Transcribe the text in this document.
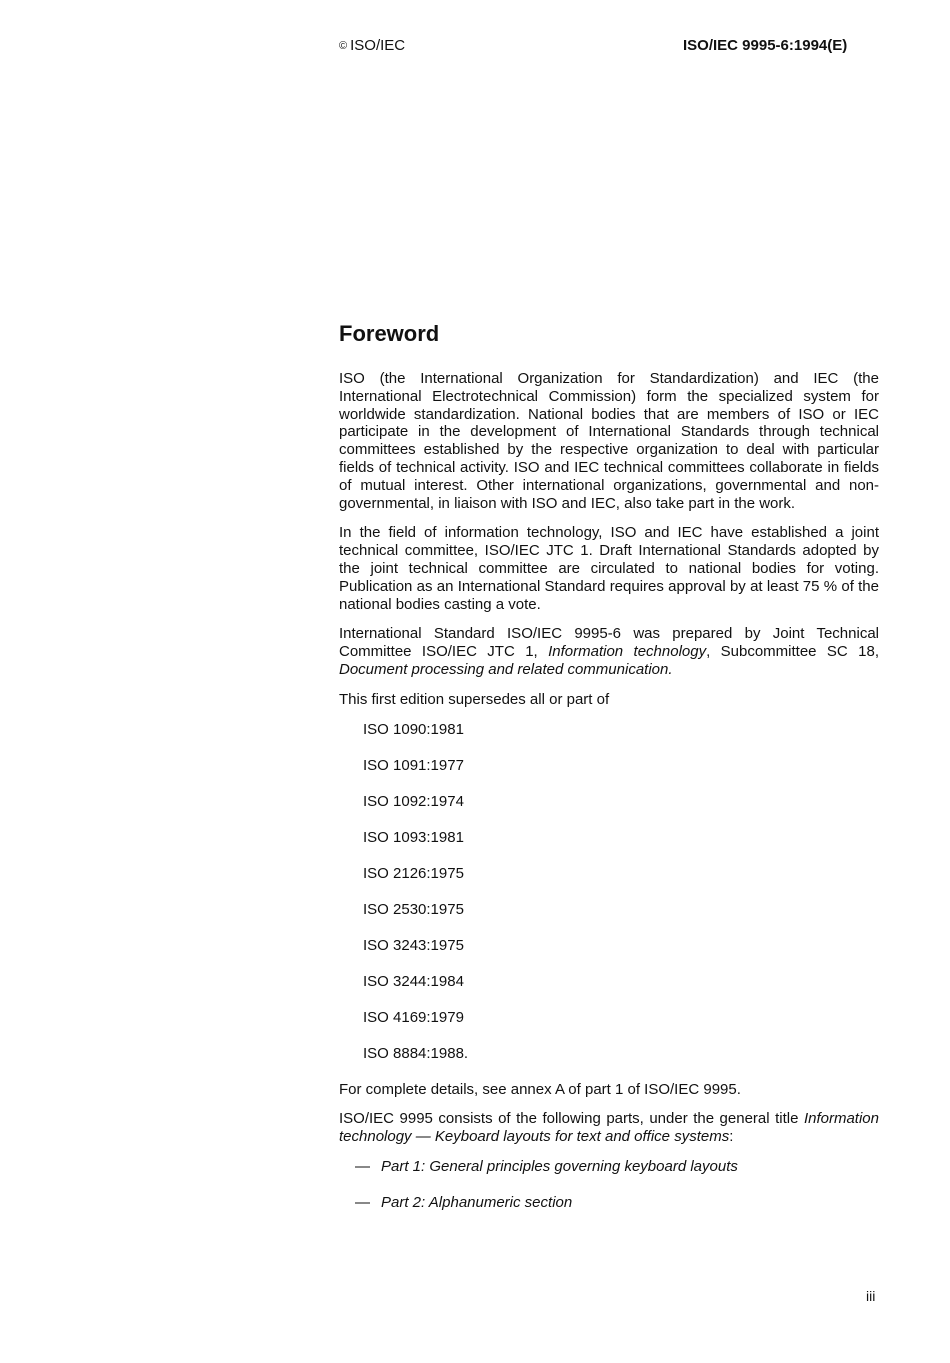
© ISO/IEC	ISO/IEC 9995-6:1994(E)
Foreword

ISO (the International Organization for Standardization) and IEC (the International Electrotechnical Commission) form the specialized system for worldwide standardization. National bodies that are members of ISO or IEC participate in the development of International Standards through technical committees established by the respective organization to deal with particular fields of technical activity. ISO and IEC technical committees collaborate in fields of mutual interest. Other international organizations, governmental and non-governmental, in liaison with ISO and IEC, also take part in the work.

In the field of information technology, ISO and IEC have established a joint technical committee, ISO/IEC JTC 1. Draft International Standards adopted by the joint technical committee are circulated to national bodies for voting. Publication as an International Standard requires approval by at least 75 % of the national bodies casting a vote.

International Standard ISO/IEC 9995-6 was prepared by Joint Technical Committee ISO/IEC JTC 1, Information technology, Subcommittee SC 18, Document processing and related communication.

This first edition supersedes all or part of

ISO 1090:1981
ISO 1091:1977
ISO 1092:1974
ISO 1093:1981
ISO 2126:1975
ISO 2530:1975
ISO 3243:1975
ISO 3244:1984
ISO 4169:1979
ISO 8884:1988.

For complete details, see annex A of part 1 of ISO/IEC 9995.

ISO/IEC 9995 consists of the following parts, under the general title Information technology — Keyboard layouts for text and office systems:

— Part 1: General principles governing keyboard layouts
— Part 2: Alphanumeric section
iii
